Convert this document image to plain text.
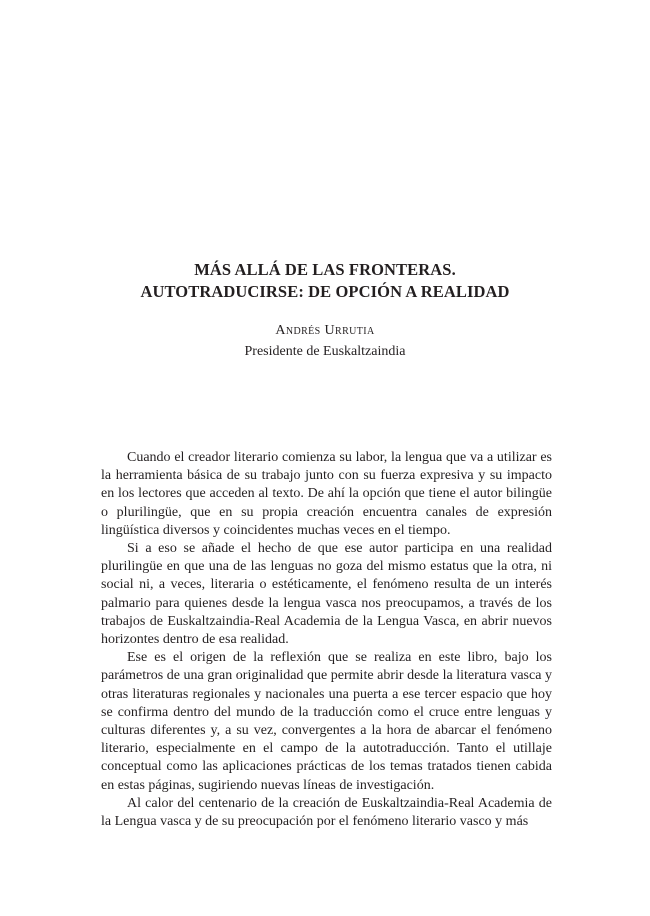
MÁS ALLÁ DE LAS FRONTERAS.

AUTOTRADUCIRSE: DE OPCIÓN A REALIDAD

Andrés Urrutia
Presidente de Euskaltzaindia

Cuando el creador literario comienza su labor, la lengua que va a utilizar es la herramienta básica de su trabajo junto con su fuerza expresiva y su impacto en los lectores que acceden al texto. De ahí la opción que tiene el autor bilingüe o plurilingüe, que en su propia creación encuentra canales de expresión lingüística diversos y coincidentes muchas veces en el tiempo.

Si a eso se añade el hecho de que ese autor participa en una realidad plurilingüe en que una de las lenguas no goza del mismo estatus que la otra, ni social ni, a veces, literaria o estéticamente, el fenómeno resulta de un interés palmario para quienes desde la lengua vasca nos preocupamos, a través de los trabajos de Euskaltzaindia-Real Academia de la Lengua Vasca, en abrir nuevos horizontes dentro de esa realidad.

Ese es el origen de la reflexión que se realiza en este libro, bajo los parámetros de una gran originalidad que permite abrir desde la literatura vasca y otras literaturas regionales y nacionales una puerta a ese tercer espacio que hoy se confirma dentro del mundo de la traducción como el cruce entre lenguas y culturas diferentes y, a su vez, convergentes a la hora de abarcar el fenómeno literario, especialmente en el campo de la autotraducción. Tanto el utillaje conceptual como las aplicaciones prácticas de los temas tratados tienen cabida en estas páginas, sugiriendo nuevas líneas de investigación.

Al calor del centenario de la creación de Euskaltzaindia-Real Academia de la Lengua vasca y de su preocupación por el fenómeno literario vasco y más
